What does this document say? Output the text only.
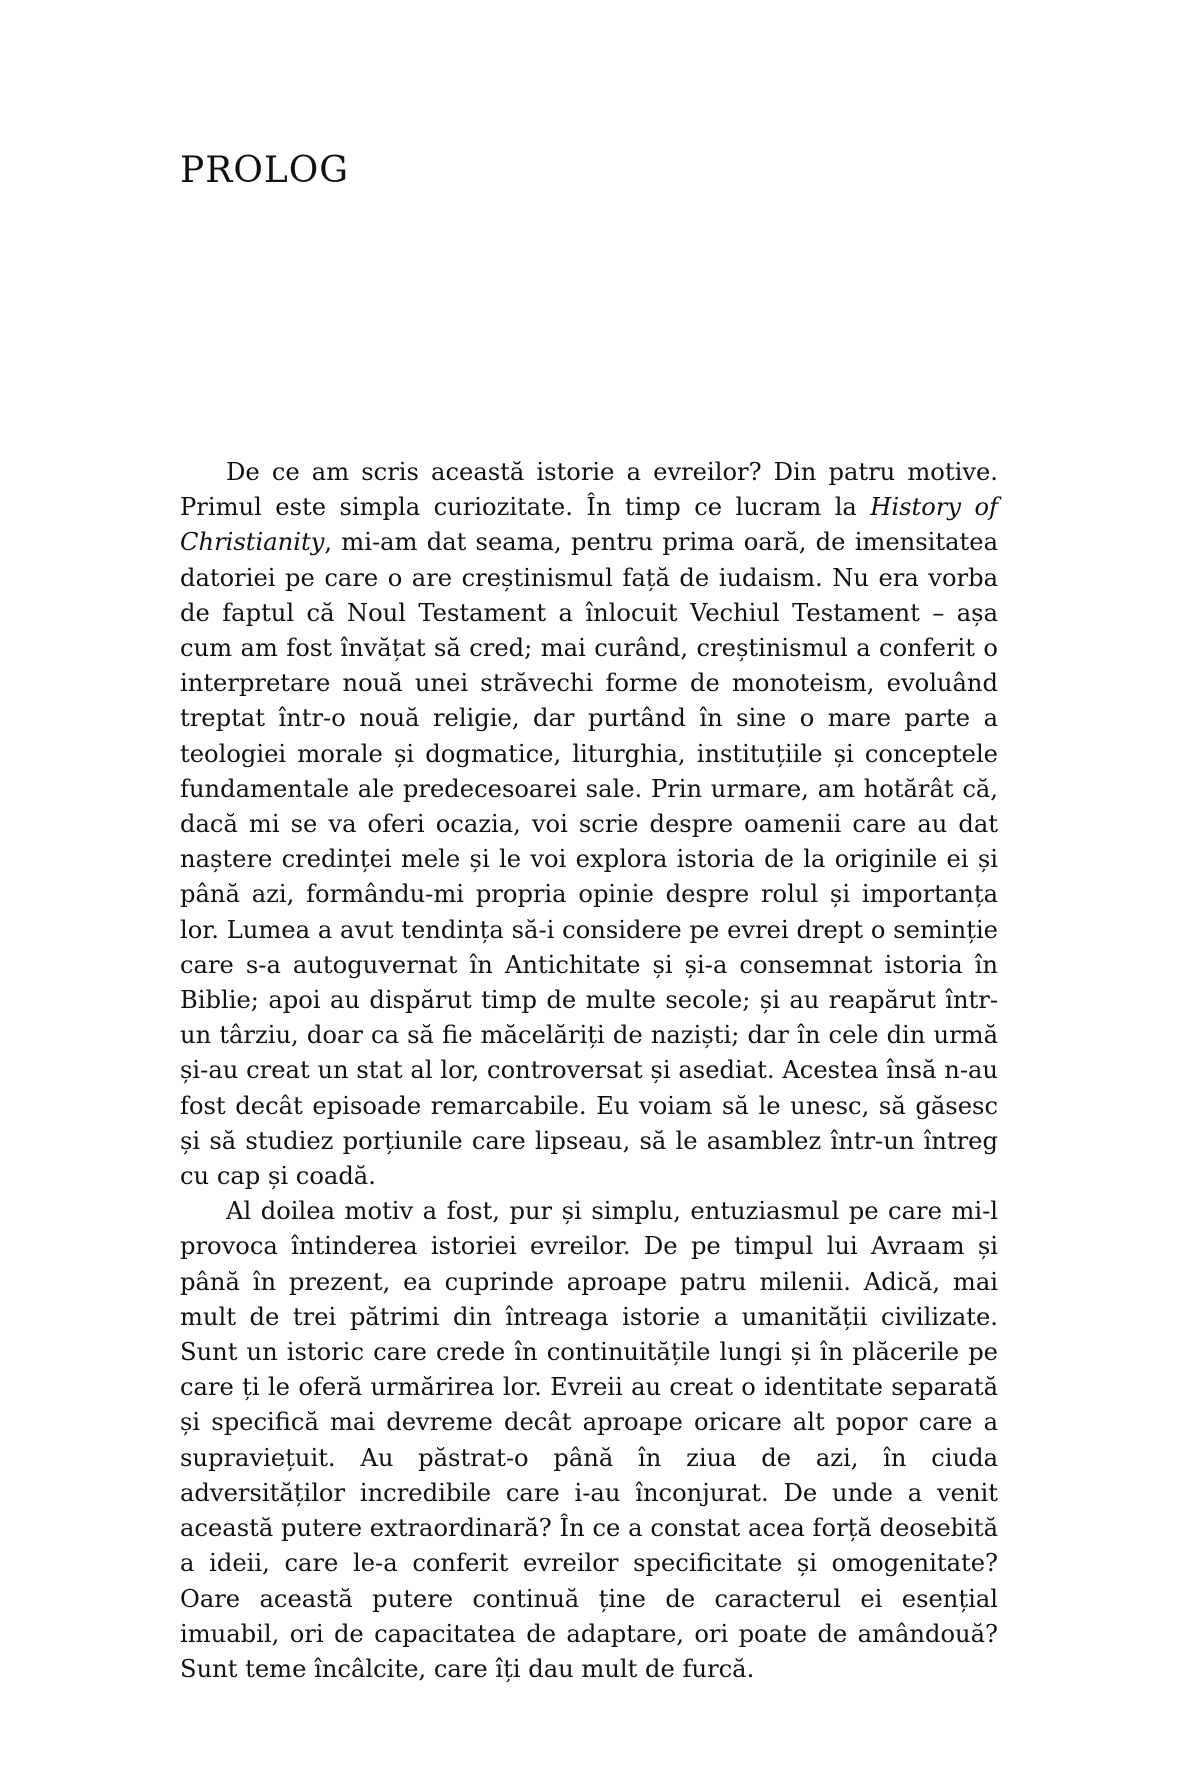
PROLOG

De ce am scris această istorie a evreilor? Din patru motive. Primul este simpla curiozitate. În timp ce lucram la History of Christianity, mi-am dat seama, pentru prima oară, de imensitatea datoriei pe care o are creștinismul față de iudaism. Nu era vorba de faptul că Noul Testament a înlocuit Vechiul Testament – așa cum am fost învățat să cred; mai curând, creștinismul a conferit o interpretare nouă unei străvechi forme de monoteism, evoluând treptat într-o nouă religie, dar purtând în sine o mare parte a teologiei morale și dogmatice, liturghia, instituțiile și conceptele fundamentale ale predecesoarei sale. Prin urmare, am hotărât că, dacă mi se va oferi ocazia, voi scrie despre oamenii care au dat naștere credinței mele și le voi explora istoria de la originile ei și până azi, formându-mi propria opinie despre rolul și importanța lor. Lumea a avut tendința să-i considere pe evrei drept o seminție care s-a autoguvernat în Antichitate și și-a consemnat istoria în Biblie; apoi au dispărut timp de multe secole; și au reapărut într-un târziu, doar ca să fie măcelăriți de naziști; dar în cele din urmă și-au creat un stat al lor, controversat și asediat. Acestea însă n-au fost decât episoade remarcabile. Eu voiam să le unesc, să găsesc și să studiez porțiunile care lipseau, să le asamblez într-un întreg cu cap și coadă.

Al doilea motiv a fost, pur și simplu, entuziasmul pe care mi-l provoca întinderea istoriei evreilor. De pe timpul lui Avraam și până în prezent, ea cuprinde aproape patru milenii. Adică, mai mult de trei pătrimi din întreaga istorie a umanității civilizate. Sunt un istoric care crede în continuitățile lungi și în plăcerile pe care ți le oferă urmărirea lor. Evreii au creat o identitate separată și specifică mai devreme decât aproape oricare alt popor care a supraviețuit. Au păstrat-o până în ziua de azi, în ciuda adversităților incredibile care i-au înconjurat. De unde a venit această putere extraordinară? În ce a constat acea forță deosebită a ideii, care le-a conferit evreilor specificitate și omogenitate? Oare această putere continuă ține de caracterul ei esențial imuabil, ori de capacitatea de adaptare, ori poate de amândouă? Sunt teme încâlcite, care îți dau mult de furcă.
